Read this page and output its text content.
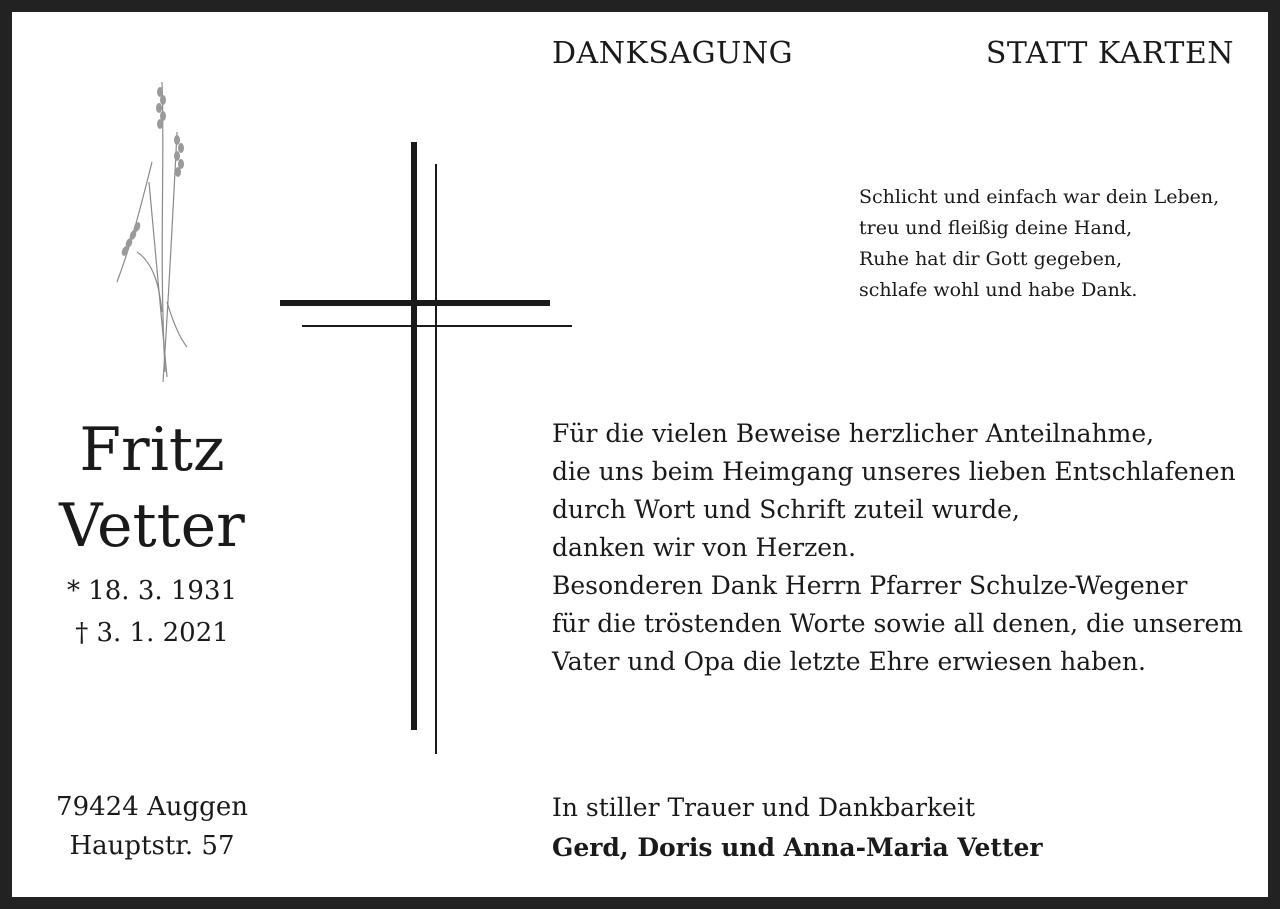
DANKSAGUNG	STATT KARTEN
Fritz
Vetter
* 18. 3. 1931
† 3. 1. 2021
79424 Auggen
Hauptstr. 57
Schlicht und einfach war dein Leben,
treu und fleißig deine Hand,
Ruhe hat dir Gott gegeben,
schlafe wohl und habe Dank.
Für die vielen Beweise herzlicher Anteilnahme,
die uns beim Heimgang unseres lieben Entschlafenen
durch Wort und Schrift zuteil wurde,
danken wir von Herzen.
Besonderen Dank Herrn Pfarrer Schulze-Wegener
für die tröstenden Worte sowie all denen, die unserem
Vater und Opa die letzte Ehre erwiesen haben.
In stiller Trauer und Dankbarkeit
Gerd, Doris und Anna-Maria Vetter
